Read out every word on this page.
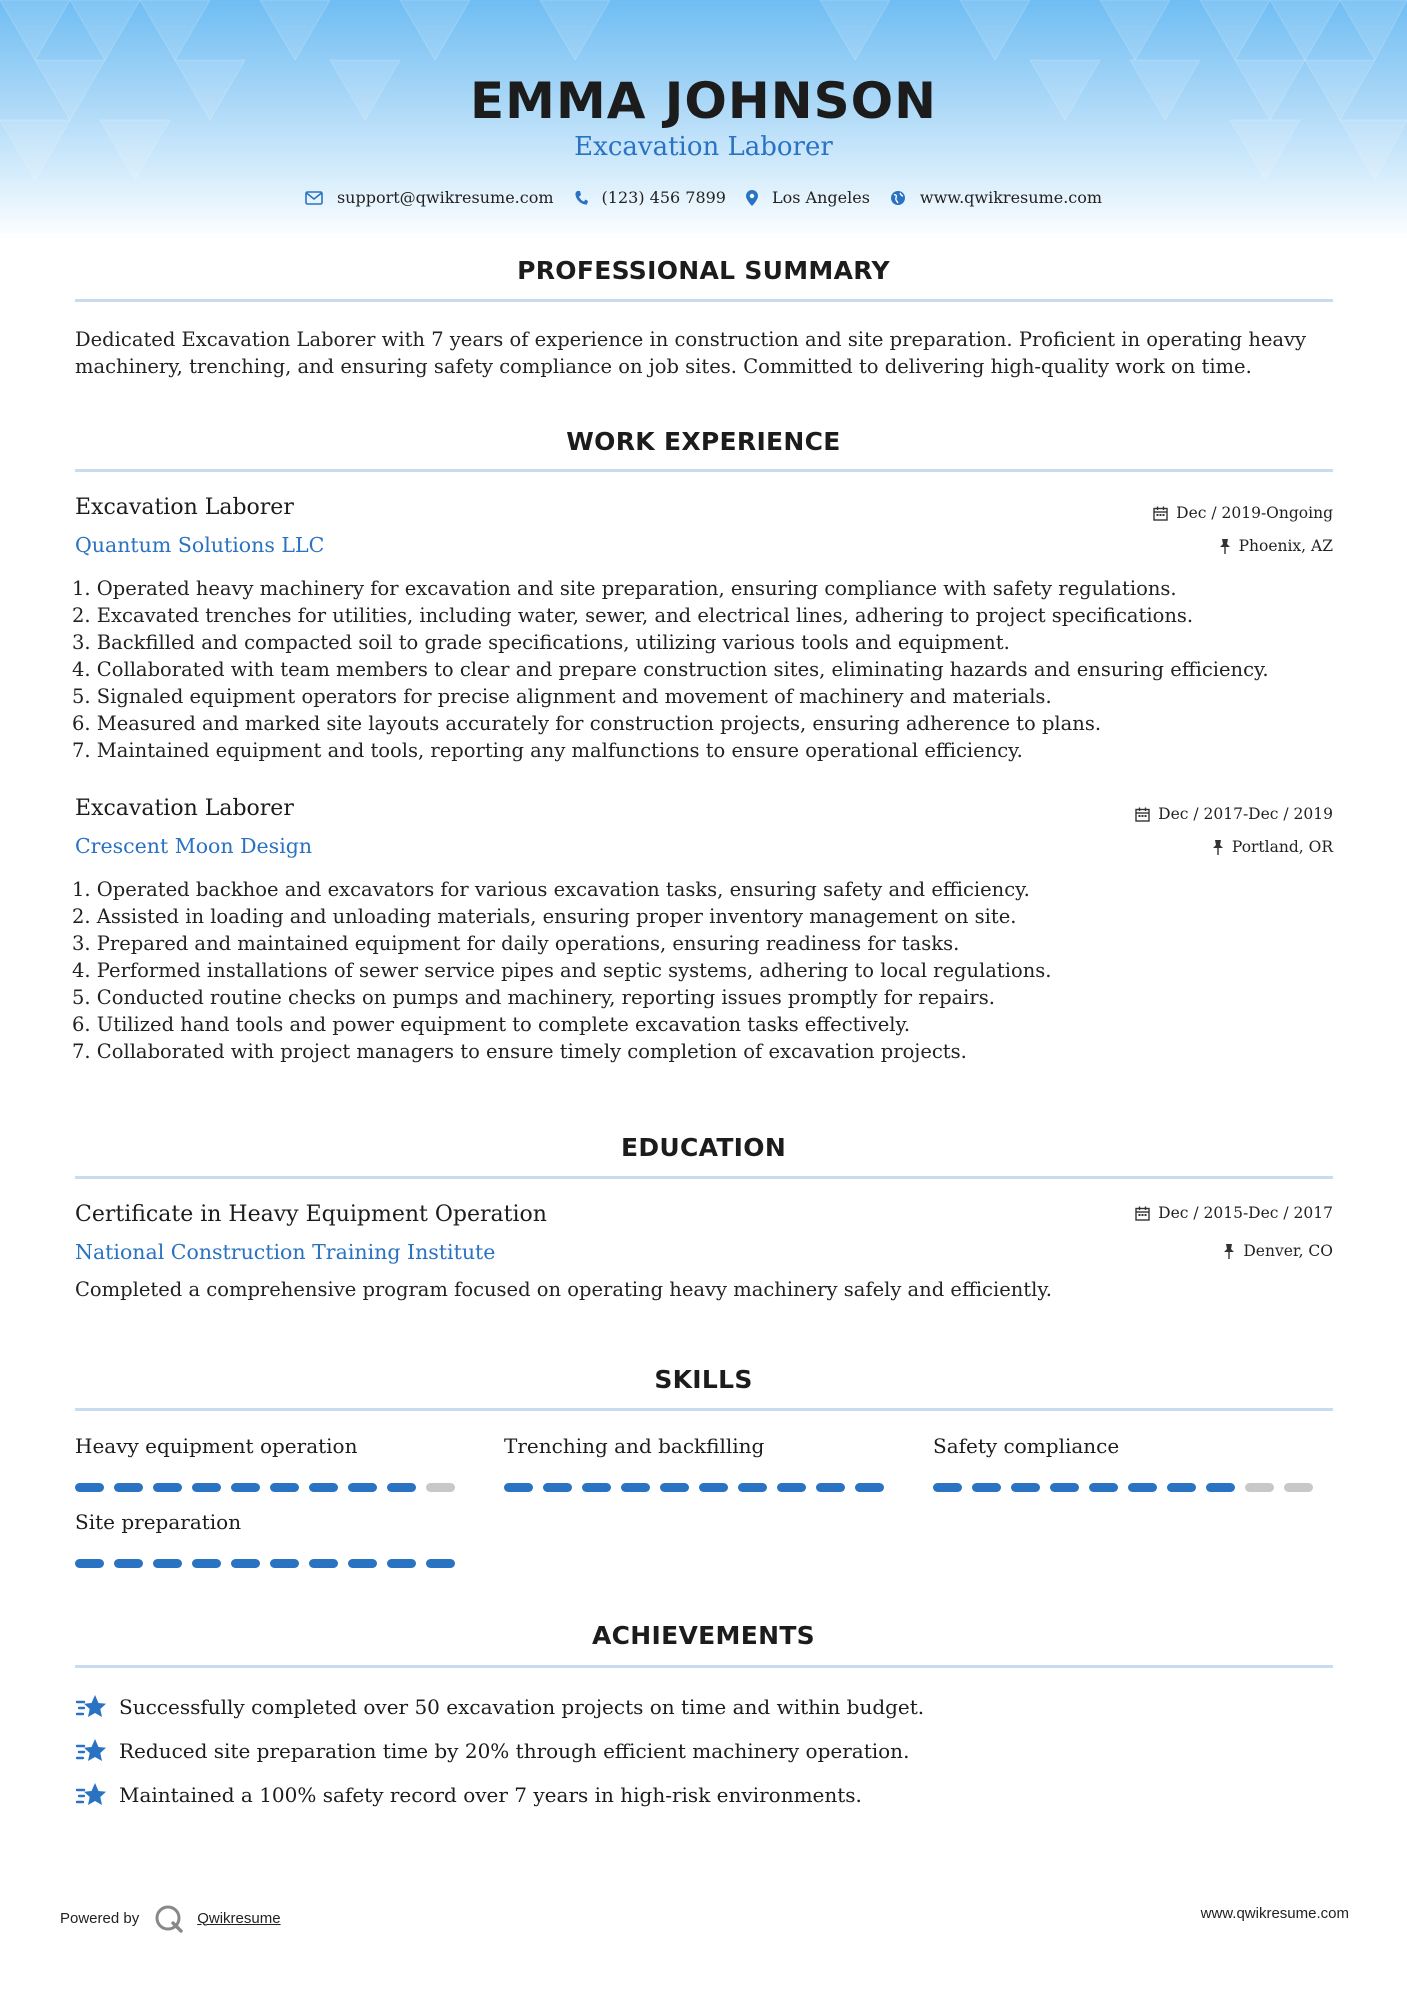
EMMA JOHNSON
Excavation Laborer
support@qwikresume.com	(123) 456 7899	Los Angeles	www.qwikresume.com
PROFESSIONAL SUMMARY
Dedicated Excavation Laborer with 7 years of experience in construction and site preparation. Proficient in operating heavy
machinery, trenching, and ensuring safety compliance on job sites. Committed to delivering high-quality work on time.
WORK EXPERIENCE
Excavation Laborer
Quantum Solutions LLC
Dec / 2019-Ongoing
Phoenix, AZ
1. Operated heavy machinery for excavation and site preparation, ensuring compliance with safety regulations.
2. Excavated trenches for utilities, including water, sewer, and electrical lines, adhering to project specifications.
3. Backfilled and compacted soil to grade specifications, utilizing various tools and equipment.
4. Collaborated with team members to clear and prepare construction sites, eliminating hazards and ensuring efficiency.
5. Signaled equipment operators for precise alignment and movement of machinery and materials.
6. Measured and marked site layouts accurately for construction projects, ensuring adherence to plans.
7. Maintained equipment and tools, reporting any malfunctions to ensure operational efficiency.
Excavation Laborer
Crescent Moon Design
Dec / 2017-Dec / 2019
Portland, OR
1. Operated backhoe and excavators for various excavation tasks, ensuring safety and efficiency.
2. Assisted in loading and unloading materials, ensuring proper inventory management on site.
3. Prepared and maintained equipment for daily operations, ensuring readiness for tasks.
4. Performed installations of sewer service pipes and septic systems, adhering to local regulations.
5. Conducted routine checks on pumps and machinery, reporting issues promptly for repairs.
6. Utilized hand tools and power equipment to complete excavation tasks effectively.
7. Collaborated with project managers to ensure timely completion of excavation projects.
EDUCATION
Certificate in Heavy Equipment Operation
National Construction Training Institute
Dec / 2015-Dec / 2017
Denver, CO
Completed a comprehensive program focused on operating heavy machinery safely and efficiently.
SKILLS
Heavy equipment operation	Trenching and backfilling	Safety compliance
Site preparation
ACHIEVEMENTS
Successfully completed over 50 excavation projects on time and within budget.
Reduced site preparation time by 20% through efficient machinery operation.
Maintained a 100% safety record over 7 years in high-risk environments.
Powered by	Qwikresume	www.qwikresume.com
